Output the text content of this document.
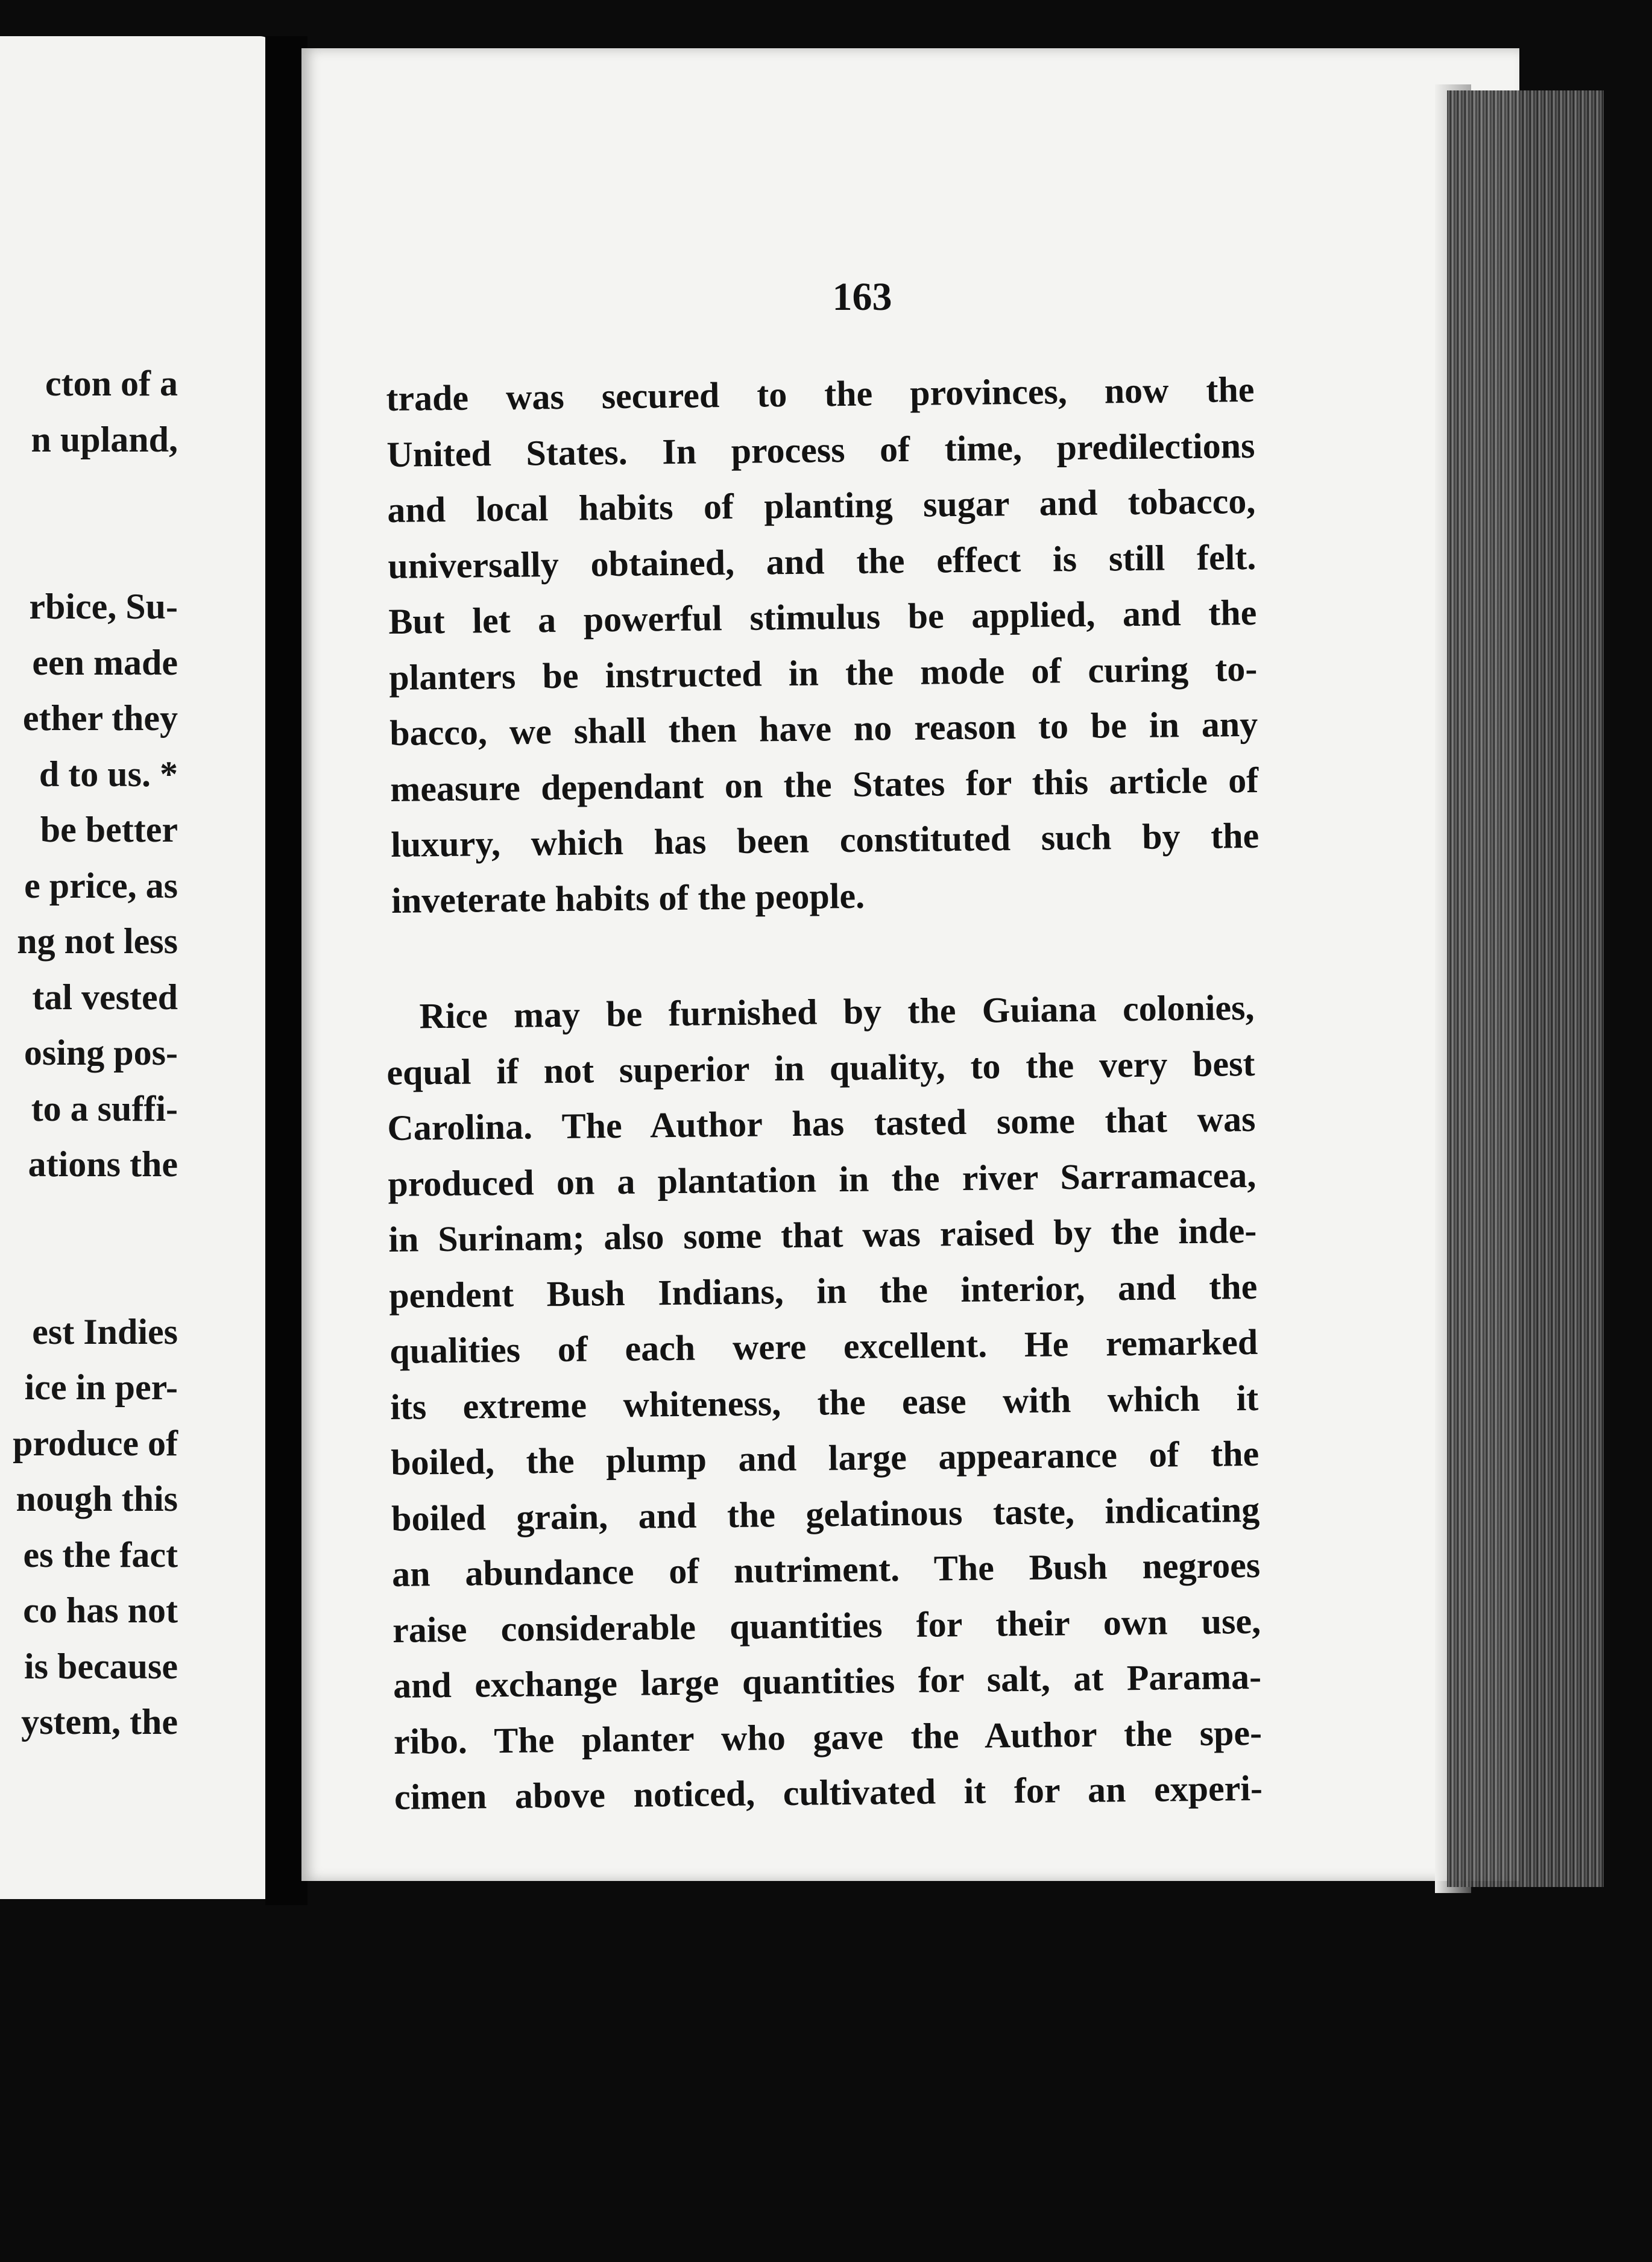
cton of a
n upland,

rbice, Su-
een made
ether they
d to us. *
be better
e price, as
ng not less
tal vested
osing pos-
to a suffi-
ations the

est Indies
ice in per-
produce of
nough this
es the fact
co has not
is because
ystem, the
163
trade was secured to the provinces, now the
United States. In process of time, predilections
and local habits of planting sugar and tobacco,
universally obtained, and the effect is still felt.
But let a powerful stimulus be applied, and the
planters be instructed in the mode of curing to-
bacco, we shall then have no reason to be in any
measure dependant on the States for this article of
luxury, which has been constituted such by the
inveterate habits of the people.
Rice may be furnished by the Guiana colonies,
equal if not superior in quality, to the very best
Carolina. The Author has tasted some that was
produced on a plantation in the river Sarramacea,
in Surinam; also some that was raised by the inde-
pendent Bush Indians, in the interior, and the
qualities of each were excellent. He remarked
its extreme whiteness, the ease with which it
boiled, the plump and large appearance of the
boiled grain, and the gelatinous taste, indicating
an abundance of nutriment. The Bush negroes
raise considerable quantities for their own use,
and exchange large quantities for salt, at Parama-
ribo. The planter who gave the Author the spe-
cimen above noticed, cultivated it for an experi-
